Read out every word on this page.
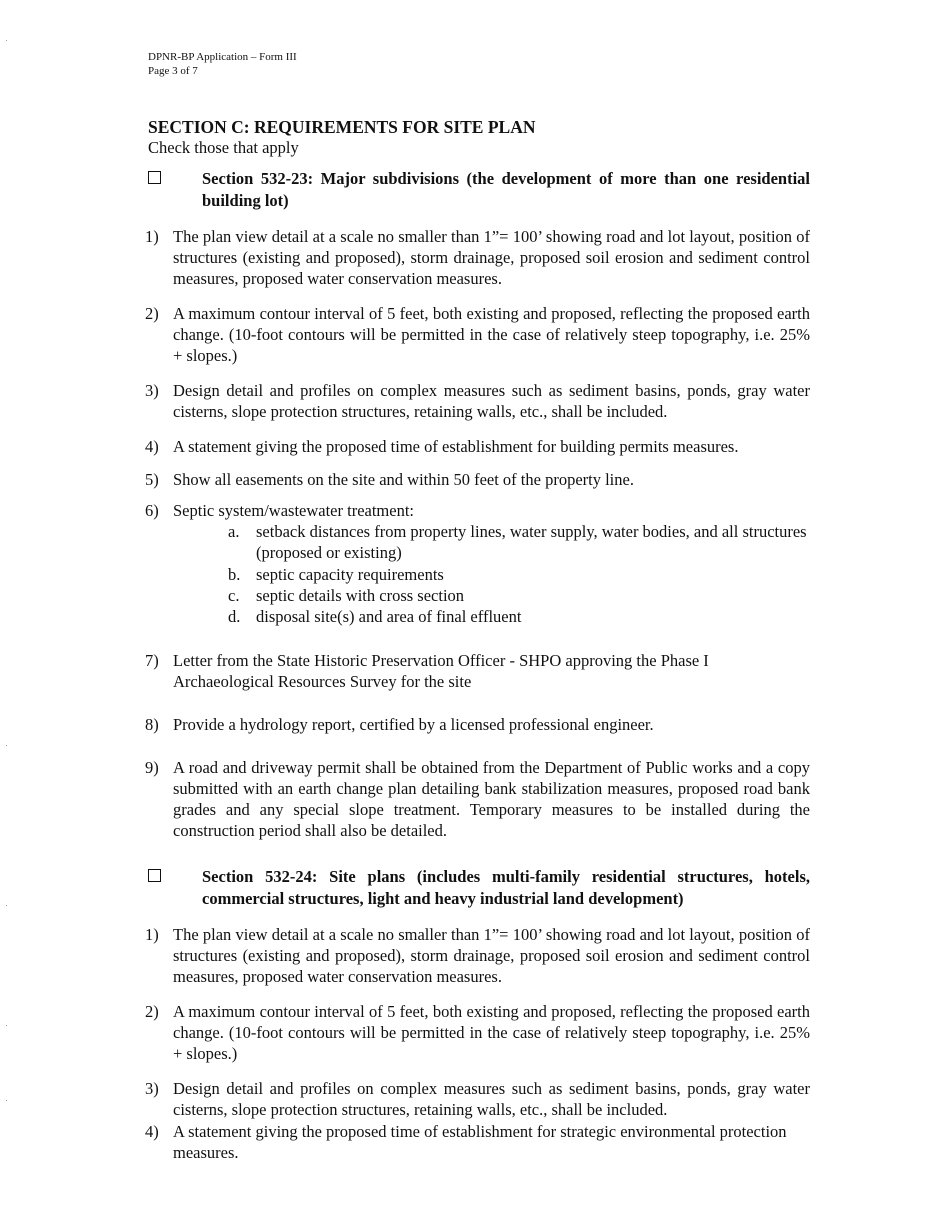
DPNR-BP Application – Form III
Page 3 of 7
SECTION C: REQUIREMENTS FOR SITE PLAN
Check those that apply
Section 532-23: Major subdivisions (the development of more than one residential building lot)
1) The plan view detail at a scale no smaller than 1”= 100’ showing road and lot layout, position of structures (existing and proposed), storm drainage, proposed soil erosion and sediment control measures, proposed water conservation measures.
2) A maximum contour interval of 5 feet, both existing and proposed, reflecting the proposed earth change. (10-foot contours will be permitted in the case of relatively steep topography, i.e. 25% + slopes.)
3) Design detail and profiles on complex measures such as sediment basins, ponds, gray water cisterns, slope protection structures, retaining walls, etc., shall be included.
4) A statement giving the proposed time of establishment for building permits measures.
5) Show all easements on the site and within 50 feet of the property line.
6) Septic system/wastewater treatment:
a. setback distances from property lines, water supply, water bodies, and all structures (proposed or existing)
b. septic capacity requirements
c. septic details with cross section
d. disposal site(s) and area of final effluent
7) Letter from the State Historic Preservation Officer - SHPO approving the Phase I Archaeological Resources Survey for the site
8) Provide a hydrology report, certified by a licensed professional engineer.
9) A road and driveway permit shall be obtained from the Department of Public works and a copy submitted with an earth change plan detailing bank stabilization measures, proposed road bank grades and any special slope treatment. Temporary measures to be installed during the construction period shall also be detailed.
Section 532-24: Site plans (includes multi-family residential structures, hotels, commercial structures, light and heavy industrial land development)
1) The plan view detail at a scale no smaller than 1”= 100’ showing road and lot layout, position of structures (existing and proposed), storm drainage, proposed soil erosion and sediment control measures, proposed water conservation measures.
2) A maximum contour interval of 5 feet, both existing and proposed, reflecting the proposed earth change. (10-foot contours will be permitted in the case of relatively steep topography, i.e. 25% + slopes.)
3) Design detail and profiles on complex measures such as sediment basins, ponds, gray water cisterns, slope protection structures, retaining walls, etc., shall be included.
4) A statement giving the proposed time of establishment for strategic environmental protection measures.
